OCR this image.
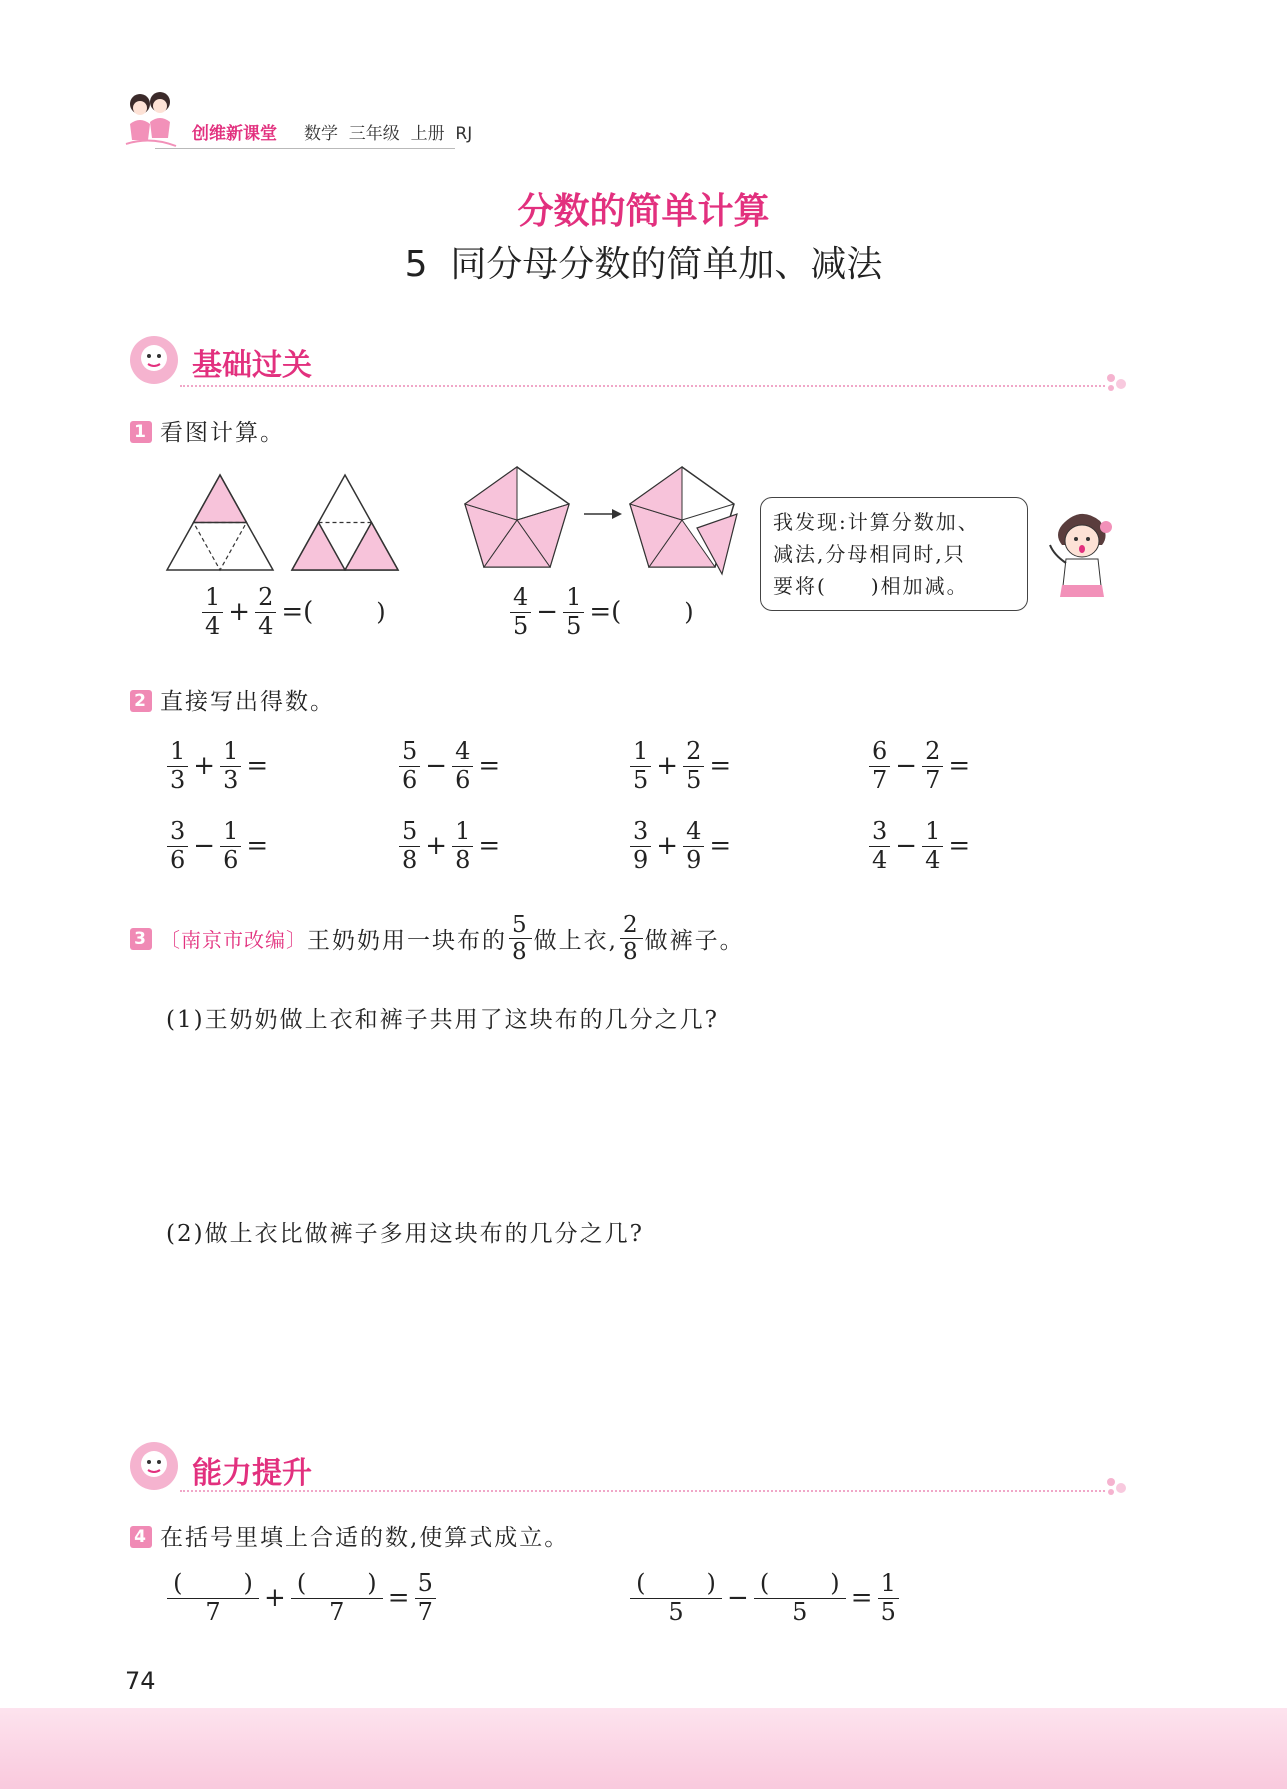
创维新课堂 数学  三年级  上册  RJ
分数的简单计算
5  同分母分数的简单加、减法
基础过关
1 看图计算。
$\frac{1}{4} + \frac{2}{4}$ =(	)	$\frac{4}{5} - \frac{1}{5}$ =(	)
我发现:计算分数加、
减法,分母相同时,只
要将( )相加减。
2 直接写出得数。
$\frac{1}{3} + \frac{1}{3}$ =	$\frac{5}{6} - \frac{4}{6}$ =	$\frac{1}{5} + \frac{2}{5}$ =	$\frac{6}{7} - \frac{2}{7}$ =
$\frac{3}{6} - \frac{1}{6}$ =	$\frac{5}{8} + \frac{1}{8}$ =	$\frac{3}{9} + \frac{4}{9}$ =	$\frac{3}{4} - \frac{1}{4}$ =
3 〔南京市改编〕 王奶奶用一块布的 $\frac{5}{8}$ 做上衣, $\frac{2}{8}$ 做裤子。
(1)王奶奶做上衣和裤子共用了这块布的几分之几?
(2)做上衣比做裤子多用这块布的几分之几?
能力提升
4 在括号里填上合适的数,使算式成立。
$\frac{( )}{7} + \frac{( )}{7} = \frac{5}{7}$	$\frac{( )}{5} - \frac{( )}{5} = \frac{1}{5}$
74
